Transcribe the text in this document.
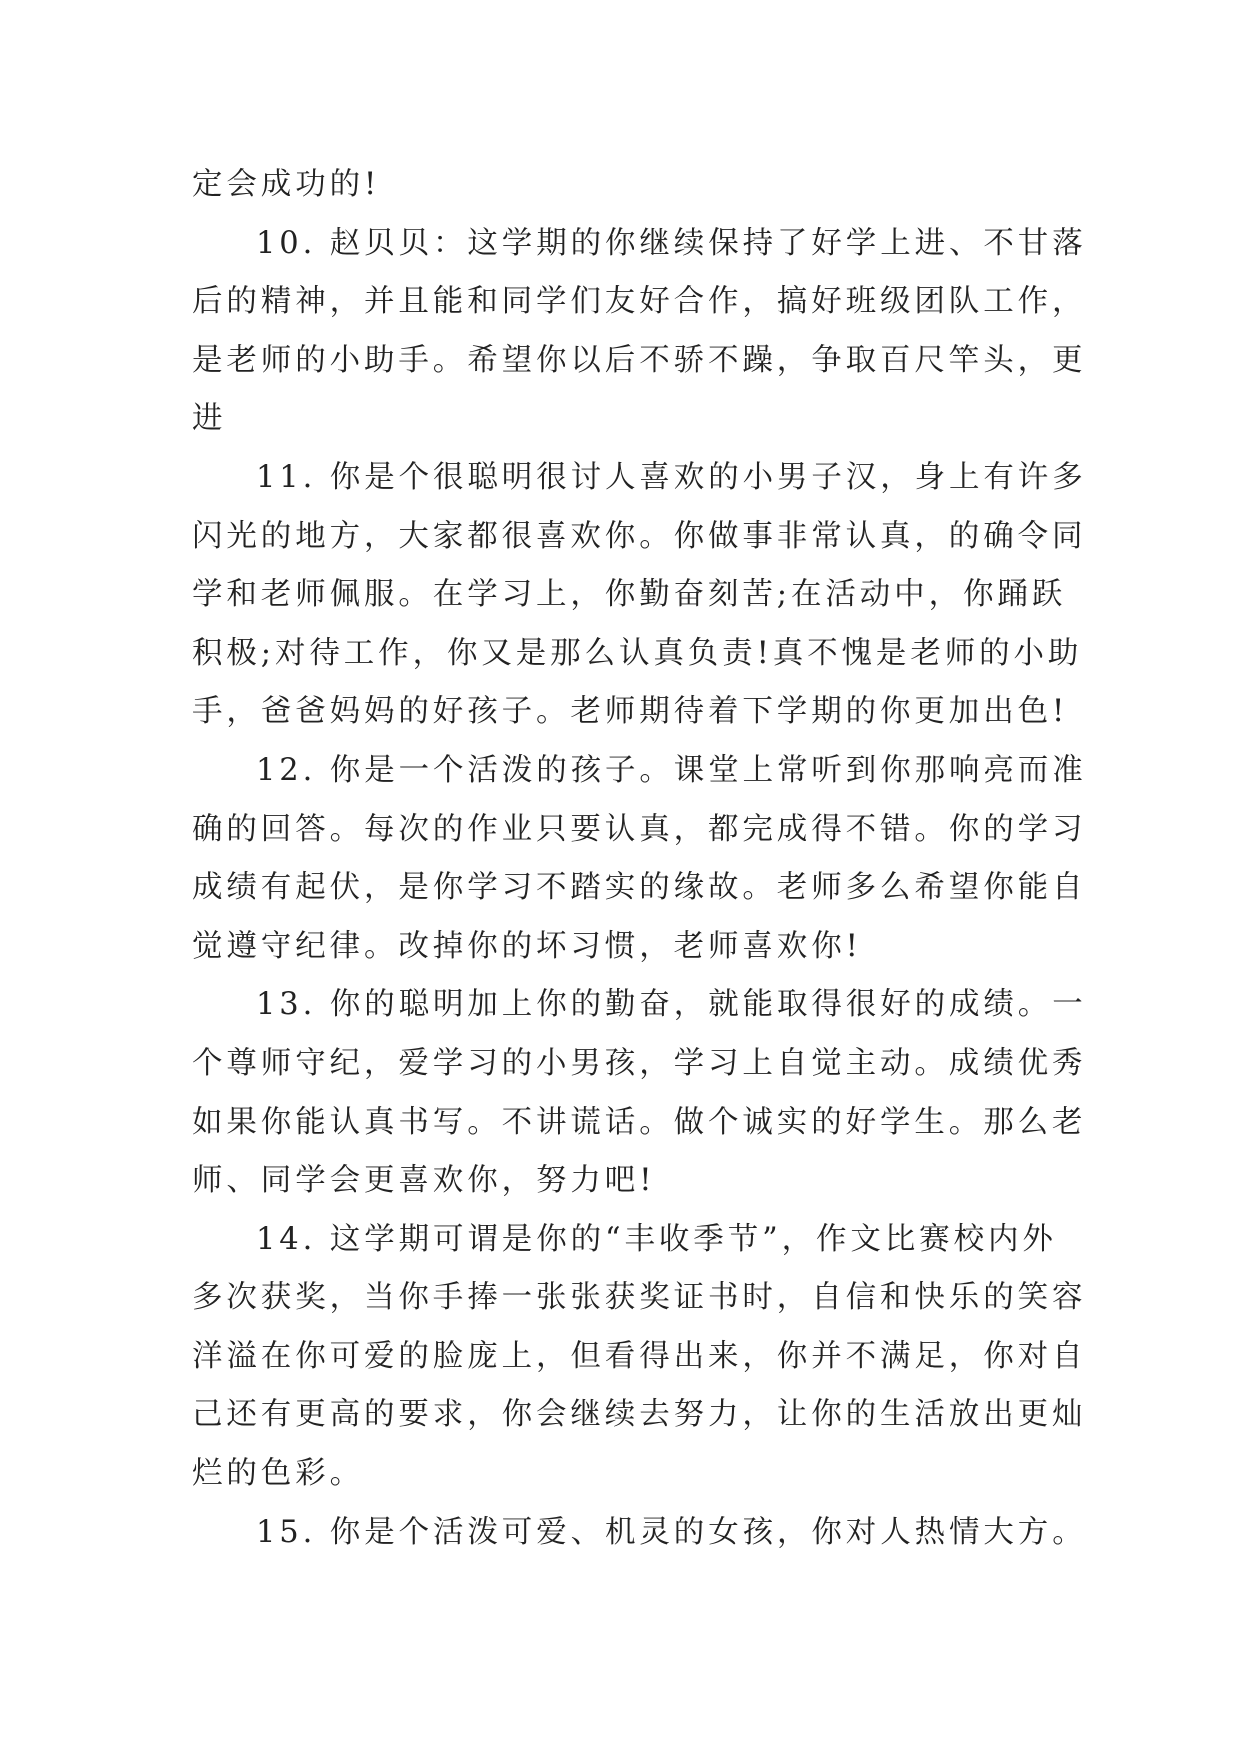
定会成功的!
10. 赵贝贝：这学期的你继续保持了好学上进、不甘落
后的精神，并且能和同学们友好合作，搞好班级团队工作，
是老师的小助手。希望你以后不骄不躁，争取百尺竿头，更
进
11. 你是个很聪明很讨人喜欢的小男子汉，身上有许多
闪光的地方，大家都很喜欢你。你做事非常认真，的确令同
学和老师佩服。在学习上，你勤奋刻苦;在活动中，你踊跃
积极;对待工作，你又是那么认真负责!真不愧是老师的小助
手，爸爸妈妈的好孩子。老师期待着下学期的你更加出色!
12. 你是一个活泼的孩子。课堂上常听到你那响亮而准
确的回答。每次的作业只要认真，都完成得不错。你的学习
成绩有起伏，是你学习不踏实的缘故。老师多么希望你能自
觉遵守纪律。改掉你的坏习惯，老师喜欢你!
13. 你的聪明加上你的勤奋，就能取得很好的成绩。一
个尊师守纪，爱学习的小男孩，学习上自觉主动。成绩优秀
如果你能认真书写。不讲谎话。做个诚实的好学生。那么老
师、同学会更喜欢你，努力吧!
14. 这学期可谓是你的“丰收季节”，作文比赛校内外
多次获奖，当你手捧一张张获奖证书时，自信和快乐的笑容
洋溢在你可爱的脸庞上，但看得出来，你并不满足，你对自
己还有更高的要求，你会继续去努力，让你的生活放出更灿
烂的色彩。
15. 你是个活泼可爱、机灵的女孩，你对人热情大方。
